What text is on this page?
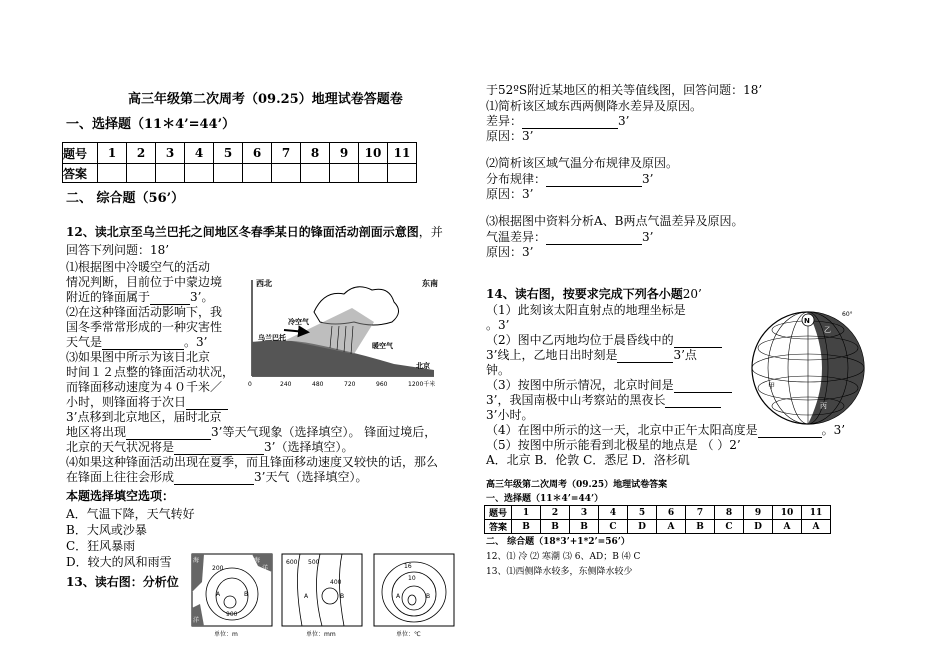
高三年级第二次周考（09.25）地理试卷答题卷
一、选择题（11＊4’=44’）
题号	1	2	3	4	5	6	7	8	9	10	11
答案											
二、 综合题（56’）
12、读北京至乌兰巴托之间地区冬春季某日的锋面活动剖面示意图，并
回答下列问题：18’
⑴根据图中冷暖空气的活动
情况判断，目前位于中蒙边境
附近的锋面属于	3’。
⑵在这种锋面活动影响下，我
国冬季常常形成的一种灾害性
天气是	。3’
⑶如果图中所示为该日北京
时间１２点整的锋面活动状况，
而锋面移动速度为４０千米／
小时，则锋面将于次日
3’点移到北京地区，届时北京
地区将出现	3’等天气现象（选择填空）。 锋面过境后，
北京的天气状况将是	3’（选择填空）。
⑷如果这种锋面活动出现在夏季，而且锋面移动速度又较快的话，那么
在锋面上往往会形成	3’天气（选择填空）。
本题选择填空选项：
A．气温下降，天气转好
B．大风或沙暴
C．狂风暴雨
D．较大的风和雨雪
13、读右图：分析位
西北	东南
冷空气
乌兰巴托
暖空气
北京
0	240	480	720	960	1200千米
海	海
洋
洋
200
900
A	B
单位：m
600 500
400
A	B
单位：mm
16
10
A	B
单位：℃
于52ºS附近某地区的相关等值线图，回答问题：18’
⑴简析该区域东西两侧降水差异及原因。
差异：	3’
原因：3’
⑵简析该区域气温分布规律及原因。
分布规律：	3’
原因：3’
⑶根据图中资料分析A、B两点气温差异及原因。
气温差异：	3’
原因：3’
14、读右图，按要求完成下列各小题20’
（1）此刻该太阳直射点的地理坐标是
。3’
（2）图中乙丙地均位于晨昏线中的
3’线上，乙地日出时刻是	3’点
钟。
（3）按图中所示情况，北京时间是
3’，我国南极中山考察站的黑夜长
3’小时。
（4）在图中所示的这一天，北京中正午太阳高度是	。3’
（5）按图中所示能看到北极星的地点是 （ ）2’
A．北京 B．伦敦 C．悉尼 D．洛杉矶
N
60°
甲
乙
丙
高三年级第二次周考（09.25）地理试卷答案
一、选择题（11＊4’=44’）
题号	1	2	3	4	5	6	7	8	9	10	11
答案	B	B	B	C	D	A	B	C	D	A	A
二、 综合题（18*3’+1*2’=56’）
12、⑴ 冷 ⑵ 寒潮 ⑶ 6、AD；B ⑷ C
13、⑴西侧降水较多，东侧降水较少
